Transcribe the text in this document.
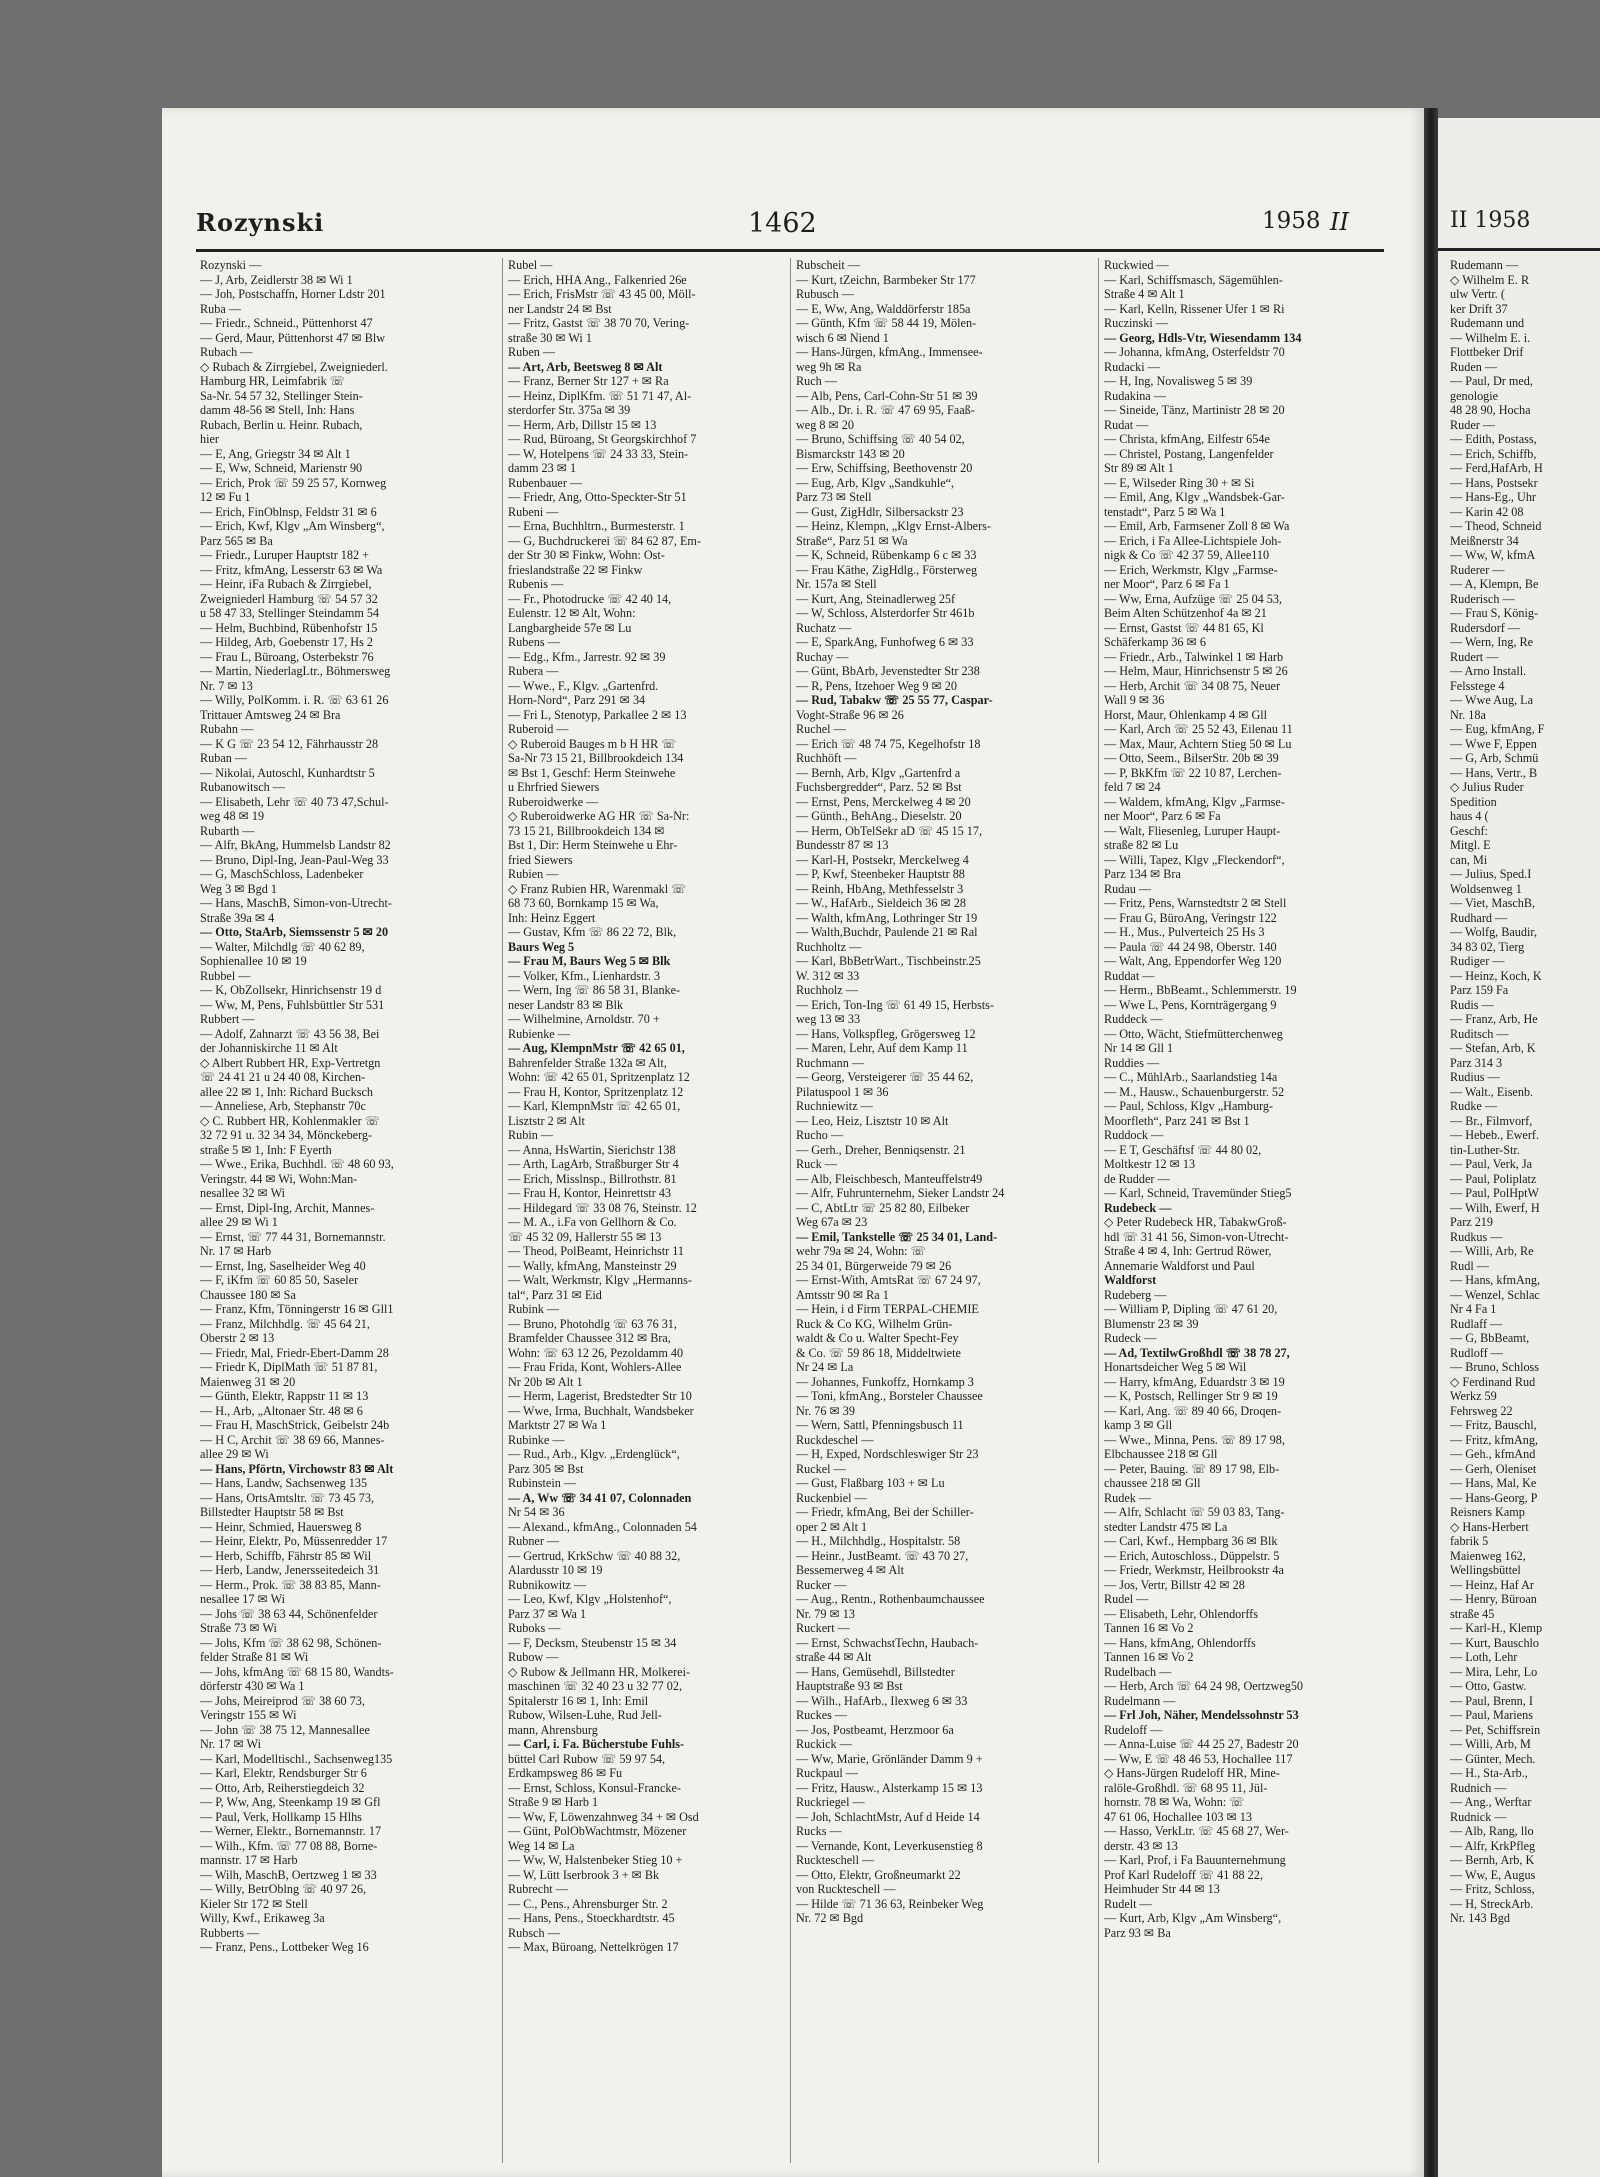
II 1958
Rudemann —
◇ Wilhelm E. R
ulw Vertr. (
ker Drift 37
Rudemann und
— Wilhelm E. i.
Flottbeker Drif
Ruden —
— Paul, Dr med,
genologie
48 28 90, Hocha
Ruder —
— Edith, Postass,
— Erich, Schiffb,
— Ferd,HafArb, H
— Hans, Postsekr
— Hans-Eg., Uhr
— Karin 42 08
— Theod, Schneid
Meißnerstr 34
— Ww, W, kfmA
Ruderer —
— A, Klempn, Be
Ruderisch —
— Frau S, König-
Rudersdorf —
— Wern, Ing, Re
Rudert —
— Arno Install.
Felsstege 4
— Wwe Aug, La
Nr. 18a
— Eug, kfmAng, F
— Wwe F, Eppen
— G, Arb, Schmü
— Hans, Vertr., B
◇ Julius Ruder
Spedition
haus 4 (
Geschf:
Mitgl. E
can, Mi
— Julius, Sped.I
Woldsenweg 1
— Viet, MaschB,
Rudhard —
— Wolfg, Baudir,
34 83 02, Tierg
Rudiger —
— Heinz, Koch, K
Parz 159 Fa
Rudis —
— Franz, Arb, He
Ruditsch —
— Stefan, Arb, K
Parz 314 3
Rudius —
— Walt., Eisenb.
Rudke —
— Br., Filmvorf,
— Hebeb., Ewerf.
tin-Luther-Str.
— Paul, Verk, Ja
— Paul, Poliplatz
— Paul, PolHptW
— Wilh, Ewerf, H
Parz 219
Rudkus —
— Willi, Arb, Re
Rudl —
— Hans, kfmAng,
— Wenzel, Schlac
Nr 4 Fa 1
Rudlaff —
— G, BbBeamt,
Rudloff —
— Bruno, Schloss
◇ Ferdinand Rud
Werkz 59
Fehrsweg 22
— Fritz, Bauschl,
— Fritz, kfmAng,
— Geh., kfmAnd
— Gerh, Oleniset
— Hans, Mal, Ke
— Hans-Georg, P
Reisners Kamp
◇ Hans-Herbert
fabrik 5
Maienweg 162,
Wellingsbüttel
— Heinz, Haf Ar
— Henry, Büroan
straße 45
— Karl-H., Klemp
— Kurt, Bauschlo
— Loth, Lehr
— Mira, Lehr, Lo
— Otto, Gastw.
— Paul, Brenn, I
— Paul, Mariens
— Pet, Schiffsrein
— Willi, Arb, M
— Günter, Mech.
— H., Sta-Arb.,
Rudnich —
— Ang., Werftar
Rudnick —
— Alb, Rang, llo
— Alfr, KrkPfleg
— Bernh, Arb, K
— Ww, E, Augus
— Fritz, Schloss,
— H, StreckArb.
Nr. 143 Bgd
Rozynski	1462	1958 II
Rozynski —
— J, Arb, Zeidlerstr 38 ✉ Wi 1
— Joh, Postschaffn, Horner Ldstr 201
Ruba —
— Friedr., Schneid., Püttenhorst 47
— Gerd, Maur, Püttenhorst 47 ✉ Blw
Rubach —
◇ Rubach & Zirrgiebel, Zweigniederl.
Hamburg HR, Leimfabrik ☏
Sa-Nr. 54 57 32, Stellinger Stein-
damm 48-56 ✉ Stell, Inh: Hans
Rubach, Berlin u. Heinr. Rubach,
hier
— E, Ang, Griegstr 34 ✉ Alt 1
— E, Ww, Schneid, Marienstr 90
— Erich, Prok ☏ 59 25 57, Kornweg
12 ✉ Fu 1
— Erich, FinOblnsp, Feldstr 31 ✉ 6
— Erich, Kwf, Klgv „Am Winsberg“,
Parz 565 ✉ Ba
— Friedr., Luruper Hauptstr 182 +
— Fritz, kfmAng, Lesserstr 63 ✉ Wa
— Heinr, iFa Rubach & Zirrgiebel,
Zweigniederl Hamburg ☏ 54 57 32
u 58 47 33, Stellinger Steindamm 54
— Helm, Buchbind, Rübenhofstr 15
— Hildeg, Arb, Goebenstr 17, Hs 2
— Frau L, Büroang, Osterbekstr 76
— Martin, NiederlagLtr., Böhmersweg
Nr. 7 ✉ 13
— Willy, PolKomm. i. R. ☏ 63 61 26
Trittauer Amtsweg 24 ✉ Bra
Rubahn —
— K G ☏ 23 54 12, Fährhausstr 28
Ruban —
— Nikolai, Autoschl, Kunhardtstr 5
Rubanowitsch —
— Elisabeth, Lehr ☏ 40 73 47,Schul-
weg 48 ✉ 19
Rubarth —
— Alfr, BkAng, Hummelsb Landstr 82
— Bruno, Dipl-Ing, Jean-Paul-Weg 33
— G, MaschSchloss, Ladenbeker
Weg 3 ✉ Bgd 1
— Hans, MaschB, Simon-von-Utrecht-
Straße 39a ✉ 4
— Otto, StaArb, Siemssenstr 5 ✉ 20
— Walter, Milchdlg ☏ 40 62 89,
Sophienallee 10 ✉ 19
Rubbel —
— K, ObZollsekr, Hinrichsenstr 19 d
— Ww, M, Pens, Fuhlsbüttler Str 531
Rubbert —
— Adolf, Zahnarzt ☏ 43 56 38, Bei
der Johanniskirche 11 ✉ Alt
◇ Albert Rubbert HR, Exp-Vertretgn
☏ 24 41 21 u 24 40 08, Kirchen-
allee 22 ✉ 1, Inh: Richard Bucksch
— Anneliese, Arb, Stephanstr 70c
◇ C. Rubbert HR, Kohlenmakler ☏
32 72 91 u. 32 34 34, Mönckeberg-
straße 5 ✉ 1, Inh: F Eyerth
— Wwe., Erika, Buchhdl. ☏ 48 60 93,
Veringstr. 44 ✉ Wi, Wohn:Man-
nesallee 32 ✉ Wi
— Ernst, Dipl-Ing, Archit, Mannes-
allee 29 ✉ Wi 1
— Ernst, ☏ 77 44 31, Bornemannstr.
Nr. 17 ✉ Harb
— Ernst, Ing, Saselheider Weg 40
— F, iKfm ☏ 60 85 50, Saseler
Chaussee 180 ✉ Sa
— Franz, Kfm, Tönningerstr 16 ✉ Gll1
— Franz, Milchhdlg. ☏ 45 64 21,
Oberstr 2 ✉ 13
— Friedr, Mal, Friedr-Ebert-Damm 28
— Friedr K, DiplMath ☏ 51 87 81,
Maienweg 31 ✉ 20
— Günth, Elektr, Rappstr 11 ✉ 13
— H., Arb, „Altonaer Str. 48 ✉ 6
— Frau H, MaschStrick, Geibelstr 24b
— H C, Archit ☏ 38 69 66, Mannes-
allee 29 ✉ Wi
— Hans, Pförtn, Virchowstr 83 ✉ Alt
— Hans, Landw, Sachsenweg 135
— Hans, OrtsAmtsltr. ☏ 73 45 73,
Billstedter Hauptstr 58 ✉ Bst
— Heinr, Schmied, Hauersweg 8
— Heinr, Elektr, Po, Müssenredder 17
— Herb, Schiffb, Fährstr 85 ✉ Wil
— Herb, Landw, Jenersseitedeich 31
— Herm., Prok. ☏ 38 83 85, Mann-
nesallee 17 ✉ Wi
— Johs ☏ 38 63 44, Schönenfelder
Straße 73 ✉ Wi
— Johs, Kfm ☏ 38 62 98, Schönen-
felder Straße 81 ✉ Wi
— Johs, kfmAng ☏ 68 15 80, Wandts-
dörferstr 430 ✉ Wa 1
— Johs, Meireiprod ☏ 38 60 73,
Veringstr 155 ✉ Wi
— John ☏ 38 75 12, Mannesallee
Nr. 17 ✉ Wi
— Karl, Modelltischl., Sachsenweg135
— Karl, Elektr, Rendsburger Str 6
— Otto, Arb, Reiherstiegdeich 32
— P, Ww, Ang, Steenkamp 19 ✉ Gfl
— Paul, Verk, Hollkamp 15 Hlhs
— Werner, Elektr., Bornemannstr. 17
— Wilh., Kfm. ☏ 77 08 88, Borne-
mannstr. 17 ✉ Harb
— Wilh, MaschB, Oertzweg 1 ✉ 33
— Willy, BetrOblng ☏ 40 97 26,
Kieler Str 172 ✉ Stell
Willy, Kwf., Erikaweg 3a
Rubberts —
— Franz, Pens., Lottbeker Weg 16
Rubel —
— Erich, HHA Ang., Falkenried 26e
— Erich, FrisMstr ☏ 43 45 00, Möll-
ner Landstr 24 ✉ Bst
— Fritz, Gastst ☏ 38 70 70, Vering-
straße 30 ✉ Wi 1
Ruben —
— Art, Arb, Beetsweg 8 ✉ Alt
— Franz, Berner Str 127 + ✉ Ra
— Heinz, DiplKfm. ☏ 51 71 47, Al-
sterdorfer Str. 375a ✉ 39
— Herm, Arb, Dillstr 15 ✉ 13
— Rud, Büroang, St Georgskirchhof 7
— W, Hotelpens ☏ 24 33 33, Stein-
damm 23 ✉ 1
Rubenbauer —
— Friedr, Ang, Otto-Speckter-Str 51
Rubeni —
— Erna, Buchhltrn., Burmesterstr. 1
— G, Buchdruckerei ☏ 84 62 87, Em-
der Str 30 ✉ Finkw, Wohn: Ost-
frieslandstraße 22 ✉ Finkw
Rubenis —
— Fr., Photodrucke ☏ 42 40 14,
Eulenstr. 12 ✉ Alt, Wohn:
Langbargheide 57e ✉ Lu
Rubens —
— Edg., Kfm., Jarrestr. 92 ✉ 39
Rubera —
— Wwe., F., Klgv. „Gartenfrd.
Horn-Nord“, Parz 291 ✉ 34
— Fri L, Stenotyp, Parkallee 2 ✉ 13
Ruberoid —
◇ Ruberoid Bauges m b H HR ☏
Sa-Nr 73 15 21, Billbrookdeich 134
✉ Bst 1, Geschf: Herm Steinwehe
u Ehrfried Siewers
Ruberoidwerke —
◇ Ruberoidwerke AG HR ☏ Sa-Nr:
73 15 21, Billbrookdeich 134 ✉
Bst 1, Dir: Herm Steinwehe u Ehr-
fried Siewers
Rubien —
◇ Franz Rubien HR, Warenmakl ☏
68 73 60, Bornkamp 15 ✉ Wa,
Inh: Heinz Eggert
— Gustav, Kfm ☏ 86 22 72, Blk,
Baurs Weg 5
— Frau M, Baurs Weg 5 ✉ Blk
— Volker, Kfm., Lienhardstr. 3
— Wern, Ing ☏ 86 58 31, Blanke-
neser Landstr 83 ✉ Blk
— Wilhelmine, Arnoldstr. 70 +
Rubienke —
— Aug, KlempnMstr ☏ 42 65 01,
Bahrenfelder Straße 132a ✉ Alt,
Wohn: ☏ 42 65 01, Spritzenplatz 12
— Frau H, Kontor, Spritzenplatz 12
— Karl, KlempnMstr ☏ 42 65 01,
Lisztstr 2 ✉ Alt
Rubin —
— Anna, HsWartin, Sierichstr 138
— Arth, LagArb, Straßburger Str 4
— Erich, Misslnsp., Billrothstr. 81
— Frau H, Kontor, Heinrettstr 43
— Hildegard ☏ 33 08 76, Steinstr. 12
— M. A., i.Fa von Gellhorn & Co.
☏ 45 32 09, Hallerstr 55 ✉ 13
— Theod, PolBeamt, Heinrichstr 11
— Wally, kfmAng, Mansteinstr 29
— Walt, Werkmstr, Klgv „Hermanns-
tal“, Parz 31 ✉ Eid
Rubink —
— Bruno, Photohdlg ☏ 63 76 31,
Bramfelder Chaussee 312 ✉ Bra,
Wohn: ☏ 63 12 26, Pezoldamm 40
— Frau Frida, Kont, Wohlers-Allee
Nr 20b ✉ Alt 1
— Herm, Lagerist, Bredstedter Str 10
— Wwe, Irma, Buchhalt, Wandsbeker
Marktstr 27 ✉ Wa 1
Rubinke —
— Rud., Arb., Klgv. „Erdenglück“,
Parz 305 ✉ Bst
Rubinstein —
— A, Ww ☏ 34 41 07, Colonnaden
Nr 54 ✉ 36
— Alexand., kfmAng., Colonnaden 54
Rubner —
— Gertrud, KrkSchw ☏ 40 88 32,
Alardusstr 10 ✉ 19
Rubnikowitz —
— Leo, Kwf, Klgv „Holstenhof“,
Parz 37 ✉ Wa 1
Ruboks —
— F, Decksm, Steubenstr 15 ✉ 34
Rubow —
◇ Rubow & Jellmann HR, Molkerei-
maschinen ☏ 32 40 23 u 32 77 02,
Spitalerstr 16 ✉ 1, Inh: Emil
Rubow, Wilsen-Luhe, Rud Jell-
mann, Ahrensburg
— Carl, i. Fa. Bücherstube Fuhls-
büttel Carl Rubow ☏ 59 97 54,
Erdkampsweg 86 ✉ Fu
— Ernst, Schloss, Konsul-Francke-
Straße 9 ✉ Harb 1
— Ww, F, Löwenzahnweg 34 + ✉ Osd
— Günt, PolObWachtmstr, Mözener
Weg 14 ✉ La
— Ww, W, Halstenbeker Stieg 10 +
— W, Lütt Iserbrook 3 + ✉ Bk
Rubrecht —
— C., Pens., Ahrensburger Str. 2
— Hans, Pens., Stoeckhardtstr. 45
Rubsch —
— Max, Büroang, Nettelkrögen 17
Rubscheit —
— Kurt, tZeichn, Barmbeker Str 177
Rubusch —
— E, Ww, Ang, Walddörferstr 185a
— Günth, Kfm ☏ 58 44 19, Mölen-
wisch 6 ✉ Niend 1
— Hans-Jürgen, kfmAng., Immensee-
weg 9h ✉ Ra
Ruch —
— Alb, Pens, Carl-Cohn-Str 51 ✉ 39
— Alb., Dr. i. R. ☏ 47 69 95, Faaß-
weg 8 ✉ 20
— Bruno, Schiffsing ☏ 40 54 02,
Bismarckstr 143 ✉ 20
— Erw, Schiffsing, Beethovenstr 20
— Eug, Arb, Klgv „Sandkuhle“,
Parz 73 ✉ Stell
— Gust, ZigHdlr, Silbersackstr 23
— Heinz, Klempn, „Klgv Ernst-Albers-
Straße“, Parz 51 ✉ Wa
— K, Schneid, Rübenkamp 6 c ✉ 33
— Frau Käthe, ZigHdlg., Försterweg
Nr. 157a ✉ Stell
— Kurt, Ang, Steinadlerweg 25f
— W, Schloss, Alsterdorfer Str 461b
Ruchatz —
— E, SparkAng, Funhofweg 6 ✉ 33
Ruchay —
— Günt, BbArb, Jevenstedter Str 238
— R, Pens, Itzehoer Weg 9 ✉ 20
— Rud, Tabakw ☏ 25 55 77, Caspar-
Voght-Straße 96 ✉ 26
Ruchel —
— Erich ☏ 48 74 75, Kegelhofstr 18
Ruchhöft —
— Bernh, Arb, Klgv „Gartenfrd a
Fuchsbergredder“, Parz. 52 ✉ Bst
— Ernst, Pens, Merckelweg 4 ✉ 20
— Günth., BehAng., Dieselstr. 20
— Herm, ObTelSekr aD ☏ 45 15 17,
Bundesstr 87 ✉ 13
— Karl-H, Postsekr, Merckelweg 4
— P, Kwf, Steenbeker Hauptstr 88
— Reinh, HbAng, Methfesselstr 3
— W., HafArb., Sieldeich 36 ✉ 28
— Walth, kfmAng, Lothringer Str 19
— Walth,Buchdr, Paulende 21 ✉ Ral
Ruchholtz —
— Karl, BbBetrWart., Tischbeinstr.25
W. 312 ✉ 33
Ruchholz —
— Erich, Ton-Ing ☏ 61 49 15, Herbsts-
weg 13 ✉ 33
— Hans, Volkspfleg, Grögersweg 12
— Maren, Lehr, Auf dem Kamp 11
Ruchmann —
— Georg, Versteigerer ☏ 35 44 62,
Pilatuspool 1 ✉ 36
Ruchniewitz —
— Leo, Heiz, Lisztstr 10 ✉ Alt
Rucho —
— Gerh., Dreher, Benniqsenstr. 21
Ruck —
— Alb, Fleischbesch, Manteuffelstr49
— Alfr, Fuhrunternehm, Sieker Landstr 24
— C, AbtLtr ☏ 25 82 80, Eilbeker
Weg 67a ✉ 23
— Emil, Tankstelle ☏ 25 34 01, Land-
wehr 79a ✉ 24, Wohn: ☏
25 34 01, Bürgerweide 79 ✉ 26
— Ernst-With, AmtsRat ☏ 67 24 97,
Amtsstr 90 ✉ Ra 1
— Hein, i d Firm TERPAL-CHEMIE
Ruck & Co KG, Wilhelm Grün-
waldt & Co u. Walter Specht-Fey
& Co. ☏ 59 86 18, Middeltwiete
Nr 24 ✉ La
— Johannes, Funkoffz, Hornkamp 3
— Toni, kfmAng., Borsteler Chaussee
Nr. 76 ✉ 39
— Wern, Sattl, Pfenningsbusch 11
Ruckdeschel —
— H, Exped, Nordschleswiger Str 23
Ruckel —
— Gust, Flaßbarg 103 + ✉ Lu
Ruckenbiel —
— Friedr, kfmAng, Bei der Schiller-
oper 2 ✉ Alt 1
— H., Milchhdlg., Hospitalstr. 58
— Heinr., JustBeamt. ☏ 43 70 27,
Bessemerweg 4 ✉ Alt
Rucker —
— Aug., Rentn., Rothenbaumchaussee
Nr. 79 ✉ 13
Ruckert —
— Ernst, SchwachstTechn, Haubach-
straße 44 ✉ Alt
— Hans, Gemüsehdl, Billstedter
Hauptstraße 93 ✉ Bst
— Wilh., HafArb., Ilexweg 6 ✉ 33
Ruckes —
— Jos, Postbeamt, Herzmoor 6a
Ruckick —
— Ww, Marie, Grönländer Damm 9 +
Ruckpaul —
— Fritz, Hausw., Alsterkamp 15 ✉ 13
Ruckriegel —
— Joh, SchlachtMstr, Auf d Heide 14
Rucks —
— Vernande, Kont, Leverkusenstieg 8
Ruckteschell —
— Otto, Elektr, Großneumarkt 22
von Ruckteschell —
— Hilde ☏ 71 36 63, Reinbeker Weg
Nr. 72 ✉ Bgd
Ruckwied —
— Karl, Schiffsmasch, Sägemühlen-
Straße 4 ✉ Alt 1
— Karl, Kelln, Rissener Ufer 1 ✉ Ri
Ruczinski —
— Georg, Hdls-Vtr, Wiesendamm 134
— Johanna, kfmAng, Osterfeldstr 70
Rudacki —
— H, Ing, Novalisweg 5 ✉ 39
Rudakina —
— Sineide, Tänz, Martinistr 28 ✉ 20
Rudat —
— Christa, kfmAng, Eilfestr 654e
— Christel, Postang, Langenfelder
Str 89 ✉ Alt 1
— E, Wilseder Ring 30 + ✉ Si
— Emil, Ang, Klgv „Wandsbek-Gar-
tenstadt“, Parz 5 ✉ Wa 1
— Emil, Arb, Farmsener Zoll 8 ✉ Wa
— Erich, i Fa Allee-Lichtspiele Joh-
nigk & Co ☏ 42 37 59, Allee110
— Erich, Werkmstr, Klgv „Farmse-
ner Moor“, Parz 6 ✉ Fa 1
— Ww, Erna, Aufzüge ☏ 25 04 53,
Beim Alten Schützenhof 4a ✉ 21
— Ernst, Gastst ☏ 44 81 65, Kl
Schäferkamp 36 ✉ 6
— Friedr., Arb., Talwinkel 1 ✉ Harb
— Helm, Maur, Hinrichsenstr 5 ✉ 26
— Herb, Archit ☏ 34 08 75, Neuer
Wall 9 ✉ 36
Horst, Maur, Ohlenkamp 4 ✉ Gll
— Karl, Arch ☏ 25 52 43, Eilenau 11
— Max, Maur, Achtern Stieg 50 ✉ Lu
— Otto, Seem., BilserStr. 20b ✉ 39
— P, BkKfm ☏ 22 10 87, Lerchen-
feld 7 ✉ 24
— Waldem, kfmAng, Klgv „Farmse-
ner Moor“, Parz 6 ✉ Fa
— Walt, Fliesenleg, Luruper Haupt-
straße 82 ✉ Lu
— Willi, Tapez, Klgv „Fleckendorf“,
Parz 134 ✉ Bra
Rudau —
— Fritz, Pens, Warnstedtstr 2 ✉ Stell
— Frau G, BüroAng, Veringstr 122
— H., Mus., Pulverteich 25 Hs 3
— Paula ☏ 44 24 98, Oberstr. 140
— Walt, Ang, Eppendorfer Weg 120
Ruddat —
— Herm., BbBeamt., Schlemmerstr. 19
— Wwe L, Pens, Kornträgergang 9
Ruddeck —
— Otto, Wächt, Stiefmütterchenweg
Nr 14 ✉ Gll 1
Ruddies —
— C., MühlArb., Saarlandstieg 14a
— M., Hausw., Schauenburgerstr. 52
— Paul, Schloss, Klgv „Hamburg-
Moorfleth“, Parz 241 ✉ Bst 1
Ruddock —
— E T, Geschäftsf ☏ 44 80 02,
Moltkestr 12 ✉ 13
de Rudder —
— Karl, Schneid, Travemünder Stieg5
Rudebeck —
◇ Peter Rudebeck HR, TabakwGroß-
hdl ☏ 31 41 56, Simon-von-Utrecht-
Straße 4 ✉ 4, Inh: Gertrud Röwer,
Annemarie Waldforst und Paul
Waldforst
Rudeberg —
— William P, Dipling ☏ 47 61 20,
Blumenstr 23 ✉ 39
Rudeck —
— Ad, TextilwGroßhdl ☏ 38 78 27,
Honartsdeicher Weg 5 ✉ Wil
— Harry, kfmAng, Eduardstr 3 ✉ 19
— K, Postsch, Rellinger Str 9 ✉ 19
— Karl, Ang. ☏ 89 40 66, Droqen-
kamp 3 ✉ Gll
— Wwe., Minna, Pens. ☏ 89 17 98,
Elbchaussee 218 ✉ Gll
— Peter, Bauing. ☏ 89 17 98, Elb-
chaussee 218 ✉ Gll
Rudek —
— Alfr, Schlacht ☏ 59 03 83, Tang-
stedter Landstr 475 ✉ La
— Carl, Kwf., Hempbarg 36 ✉ Blk
— Erich, Autoschloss., Düppelstr. 5
— Friedr, Werkmstr, Heilbrookstr 4a
— Jos, Vertr, Billstr 42 ✉ 28
Rudel —
— Elisabeth, Lehr, Ohlendorffs
Tannen 16 ✉ Vo 2
— Hans, kfmAng, Ohlendorffs
Tannen 16 ✉ Vo 2
Rudelbach —
— Herb, Arch ☏ 64 24 98, Oertzweg50
Rudelmann —
— Frl Joh, Näher, Mendelssohnstr 53
Rudeloff —
— Anna-Luise ☏ 44 25 27, Badestr 20
— Ww, E ☏ 48 46 53, Hochallee 117
◇ Hans-Jürgen Rudeloff HR, Mine-
ralöle-Großhdl. ☏ 68 95 11, Jül-
hornstr. 78 ✉ Wa, Wohn: ☏
47 61 06, Hochallee 103 ✉ 13
— Hasso, VerkLtr. ☏ 45 68 27, Wer-
derstr. 43 ✉ 13
— Karl, Prof, i Fa Bauunternehmung
Prof Karl Rudeloff ☏ 41 88 22,
Heimhuder Str 44 ✉ 13
Rudelt —
— Kurt, Arb, Klgv „Am Winsberg“,
Parz 93 ✉ Ba
